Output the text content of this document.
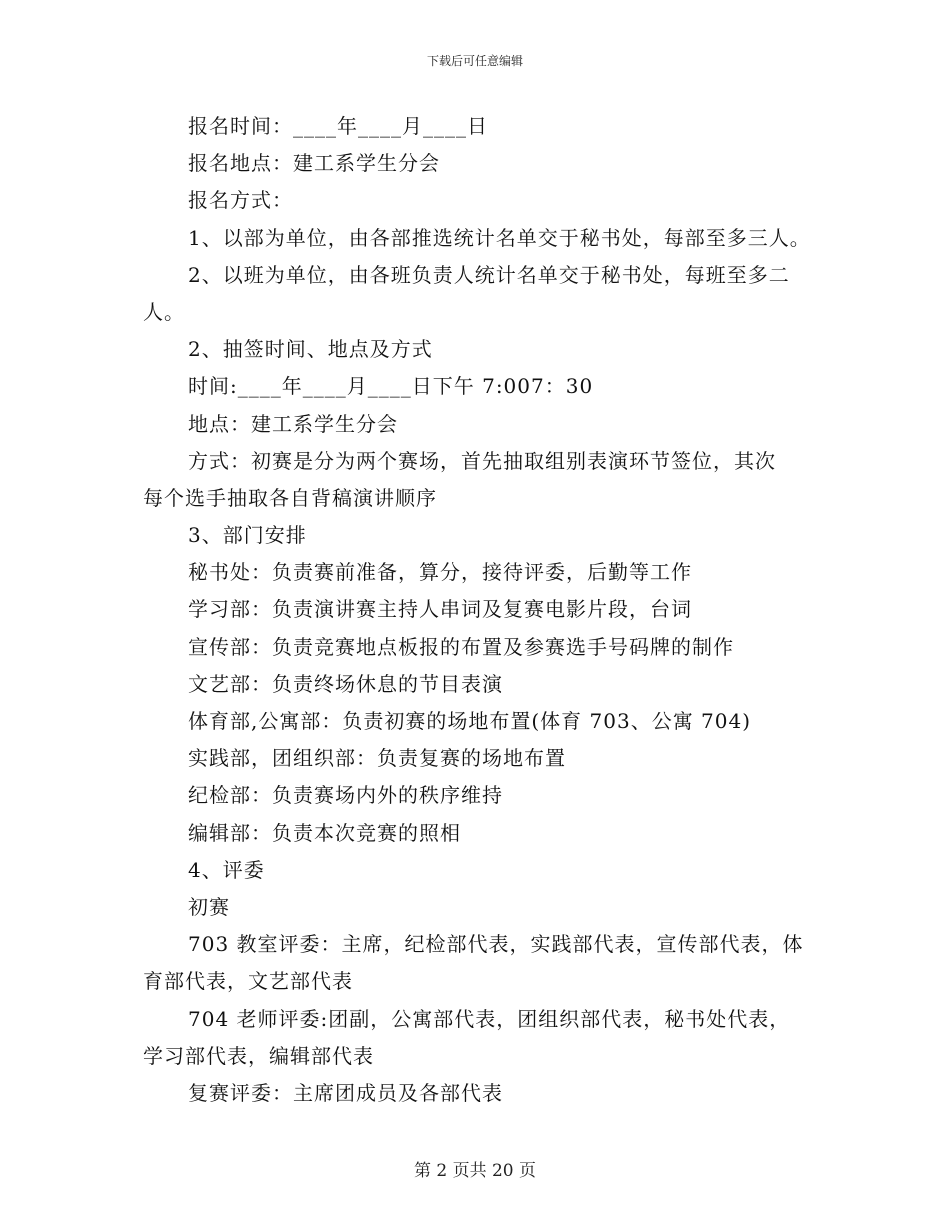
下载后可任意编辑
报名时间：____年____月____日
报名地点：建工系学生分会
报名方式：
1、以部为单位，由各部推选统计名单交于秘书处，每部至多三人。
2、以班为单位，由各班负责人统计名单交于秘书处，每班至多二
人。
2、抽签时间、地点及方式
时间:____年____月____日下午 7:007：30
地点：建工系学生分会
方式：初赛是分为两个赛场，首先抽取组别表演环节签位，其次
每个选手抽取各自背稿演讲顺序
3、部门安排
秘书处：负责赛前准备，算分，接待评委，后勤等工作
学习部：负责演讲赛主持人串词及复赛电影片段，台词
宣传部：负责竞赛地点板报的布置及参赛选手号码牌的制作
文艺部：负责终场休息的节目表演
体育部,公寓部：负责初赛的场地布置(体育 703、公寓 704)
实践部，团组织部：负责复赛的场地布置
纪检部：负责赛场内外的秩序维持
编辑部：负责本次竞赛的照相
4、评委
初赛
703 教室评委：主席，纪检部代表，实践部代表，宣传部代表，体
育部代表，文艺部代表
704 老师评委:团副，公寓部代表，团组织部代表，秘书处代表，
学习部代表，编辑部代表
复赛评委：主席团成员及各部代表
第 2 页共 20 页
